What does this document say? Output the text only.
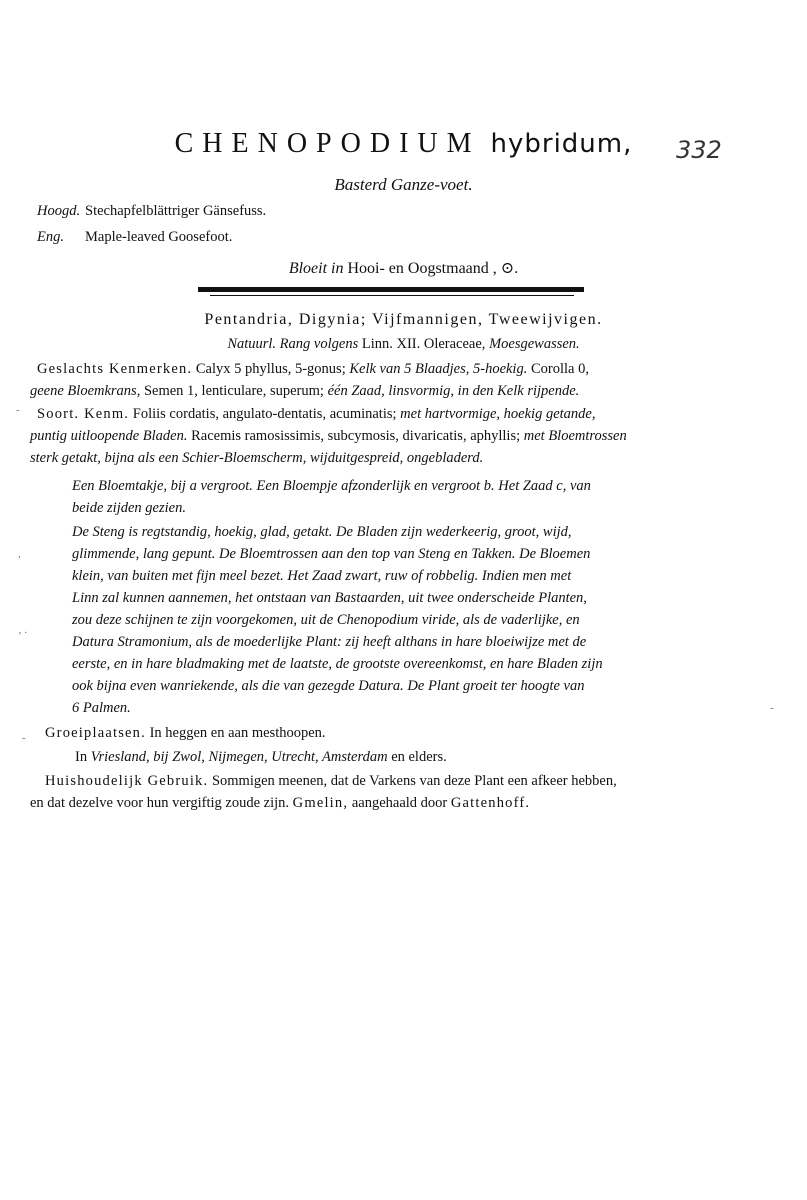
CHENOPODIUM hybridum,	332
Basterd Ganze-voet.
Hoogd. Stechapfelblättriger Gänsefuss.
Eng. Maple-leaved Goosefoot.
Bloeit in Hooi- en Oogstmaand , ⊙.
Pentandria, Digynia; Vijfmannigen, Tweewijvigen.
Natuurl. Rang volgens Linn. XII. Oleraceae, Moesgewassen.
Geslachts Kenmerken. Calyx 5 phyllus, 5-gonus; Kelk van 5 Blaadjes, 5-hoekig. Corolla 0,
geene Bloemkrans, Semen 1, lenticulare, superum; één Zaad, linsvormig, in den Kelk rijpende.
Soort. Kenm. Foliis cordatis, angulato-dentatis, acuminatis; met hartvormige, hoekig getande,
puntig uitloopende Bladen. Racemis ramosissimis, subcymosis, divaricatis, aphyllis; met Bloemtrossen
sterk getakt, bijna als een Schier-Bloemscherm, wijduitgespreid, ongebladerd.
Een Bloemtakje, bij a vergroot. Een Bloempje afzonderlijk en vergroot b. Het Zaad c, van
beide zijden gezien.
De Steng is regtstandig, hoekig, glad, getakt. De Bladen zijn wederkeerig, groot, wijd,
glimmende, lang gepunt. De Bloemtrossen aan den top van Steng en Takken. De Bloemen
klein, van buiten met fijn meel bezet. Het Zaad zwart, ruw of robbelig. Indien men met
Linn zal kunnen aannemen, het ontstaan van Bastaarden, uit twee onderscheide Planten,
zou deze schijnen te zijn voorgekomen, uit de Chenopodium viride, als de vaderlijke, en
Datura Stramonium, als de moederlijke Plant: zij heeft althans in hare bloeiwijze met de
eerste, en in hare bladmaking met de laatste, de grootste overeenkomst, en hare Bladen zijn
ook bijna even wanriekende, als die van gezegde Datura. De Plant groeit ter hoogte van
6 Palmen.
Groeiplaatsen. In heggen en aan mesthoopen.
In Vriesland, bij Zwol, Nijmegen, Utrecht, Amsterdam en elders.
Huishoudelijk Gebruik. Sommigen meenen, dat de Varkens van deze Plant een afkeer hebben,
en dat dezelve voor hun vergiftig zoude zijn. Gmelin, aangehaald door Gattenhoff.
-
,
‚ .
-
-
